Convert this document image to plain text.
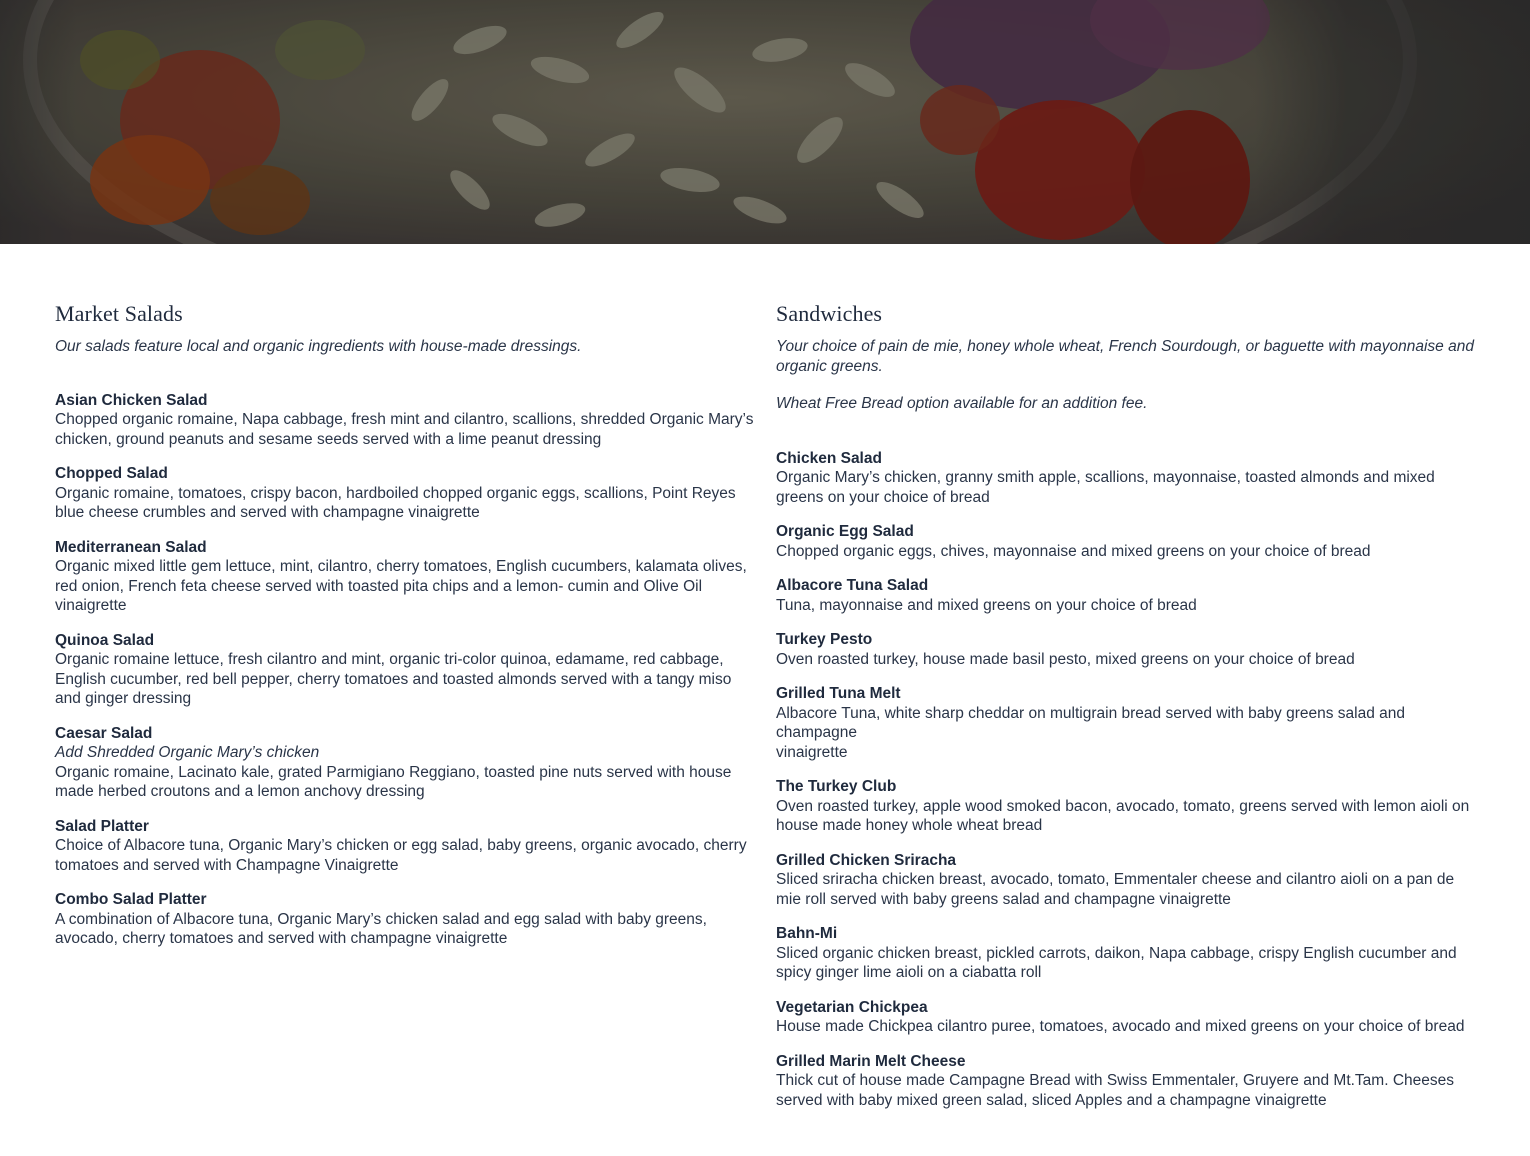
Market Salads

Our salads feature local and organic ingredients with house-made dressings.

Asian Chicken Salad
Chopped organic romaine, Napa cabbage, fresh mint and cilantro, scallions, shredded Organic Mary’s chicken, ground peanuts and sesame seeds served with a lime peanut dressing
Chopped Salad
Organic romaine, tomatoes, crispy bacon, hardboiled chopped organic eggs, scallions, Point Reyes blue cheese crumbles and served with champagne vinaigrette
Mediterranean Salad
Organic mixed little gem lettuce, mint, cilantro, cherry tomatoes, English cucumbers, kalamata olives, red onion, French feta cheese served with toasted pita chips and a lemon- cumin and Olive Oil vinaigrette
Quinoa Salad
Organic romaine lettuce, fresh cilantro and mint, organic tri-color quinoa, edamame, red cabbage, English cucumber, red bell pepper, cherry tomatoes and toasted almonds served with a tangy miso and ginger dressing
Caesar Salad
Add Shredded Organic Mary’s chicken
Organic romaine, Lacinato kale, grated Parmigiano Reggiano, toasted pine nuts served with house made herbed croutons and a lemon anchovy dressing
Salad Platter
Choice of Albacore tuna, Organic Mary’s chicken or egg salad, baby greens, organic avocado, cherry tomatoes and served with Champagne Vinaigrette
Combo Salad Platter
A combination of Albacore tuna, Organic Mary’s chicken salad and egg salad with baby greens, avocado, cherry tomatoes and served with champagne vinaigrette
Sandwiches

Your choice of pain de mie, honey whole wheat, French Sourdough, or baguette with mayonnaise and organic greens.

Wheat Free Bread option available for an addition fee.

Chicken Salad
Organic Mary’s chicken, granny smith apple, scallions, mayonnaise, toasted almonds and mixed greens on your choice of bread
Organic Egg Salad
Chopped organic eggs, chives, mayonnaise and mixed greens on your choice of bread
Albacore Tuna Salad
Tuna, mayonnaise and mixed greens on your choice of bread
Turkey Pesto
Oven roasted turkey, house made basil pesto, mixed greens on your choice of bread
Grilled Tuna Melt
Albacore Tuna, white sharp cheddar on multigrain bread served with baby greens salad and champagne
vinaigrette
The Turkey Club
Oven roasted turkey, apple wood smoked bacon, avocado, tomato, greens served with lemon aioli on house made honey whole wheat bread
Grilled Chicken Sriracha
Sliced sriracha chicken breast, avocado, tomato, Emmentaler cheese and cilantro aioli on a pan de mie roll served with baby greens salad and champagne vinaigrette
Bahn-Mi
Sliced organic chicken breast, pickled carrots, daikon, Napa cabbage, crispy English cucumber and spicy ginger lime aioli on a ciabatta roll
Vegetarian Chickpea
House made Chickpea cilantro puree, tomatoes, avocado and mixed greens on your choice of bread
Grilled Marin Melt Cheese
Thick cut of house made Campagne Bread with Swiss Emmentaler, Gruyere and Mt.Tam. Cheeses served with baby mixed green salad, sliced Apples and a champagne vinaigrette
